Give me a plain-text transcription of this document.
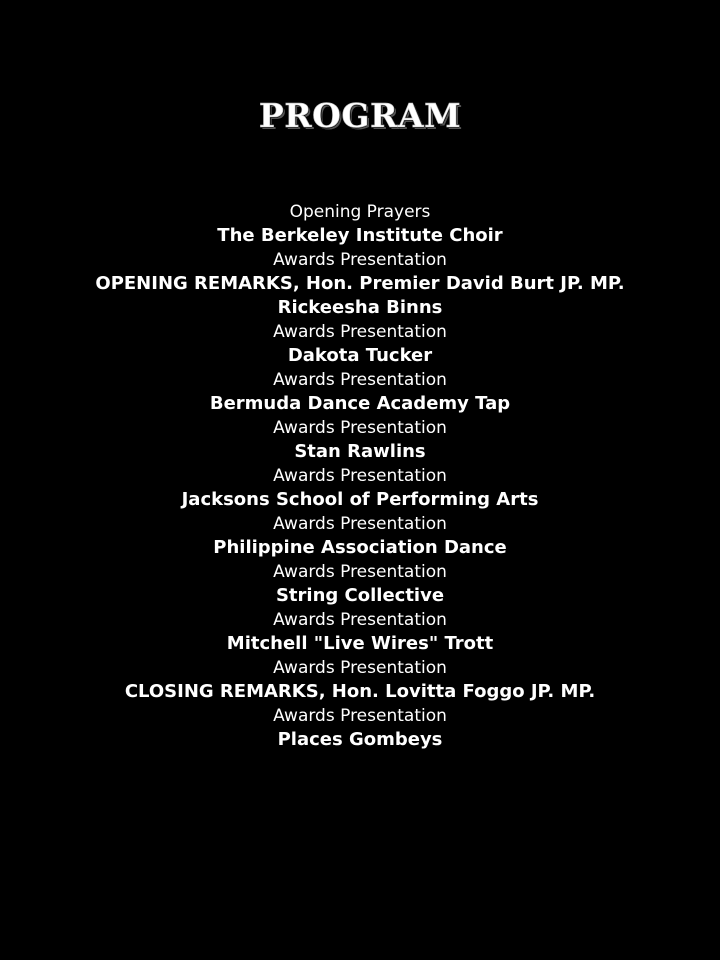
PROGRAM
Opening Prayers
The Berkeley Institute Choir
Awards Presentation
OPENING REMARKS, Hon. Premier David Burt JP. MP.
Rickeesha Binns
Awards Presentation
Dakota Tucker
Awards Presentation
Bermuda Dance Academy Tap
Awards Presentation
Stan Rawlins
Awards Presentation
Jacksons School of Performing Arts
Awards Presentation
Philippine Association Dance
Awards Presentation
String Collective
Awards Presentation
Mitchell "Live Wires" Trott
Awards Presentation
CLOSING REMARKS, Hon. Lovitta Foggo JP. MP.
Awards Presentation
Places Gombeys
